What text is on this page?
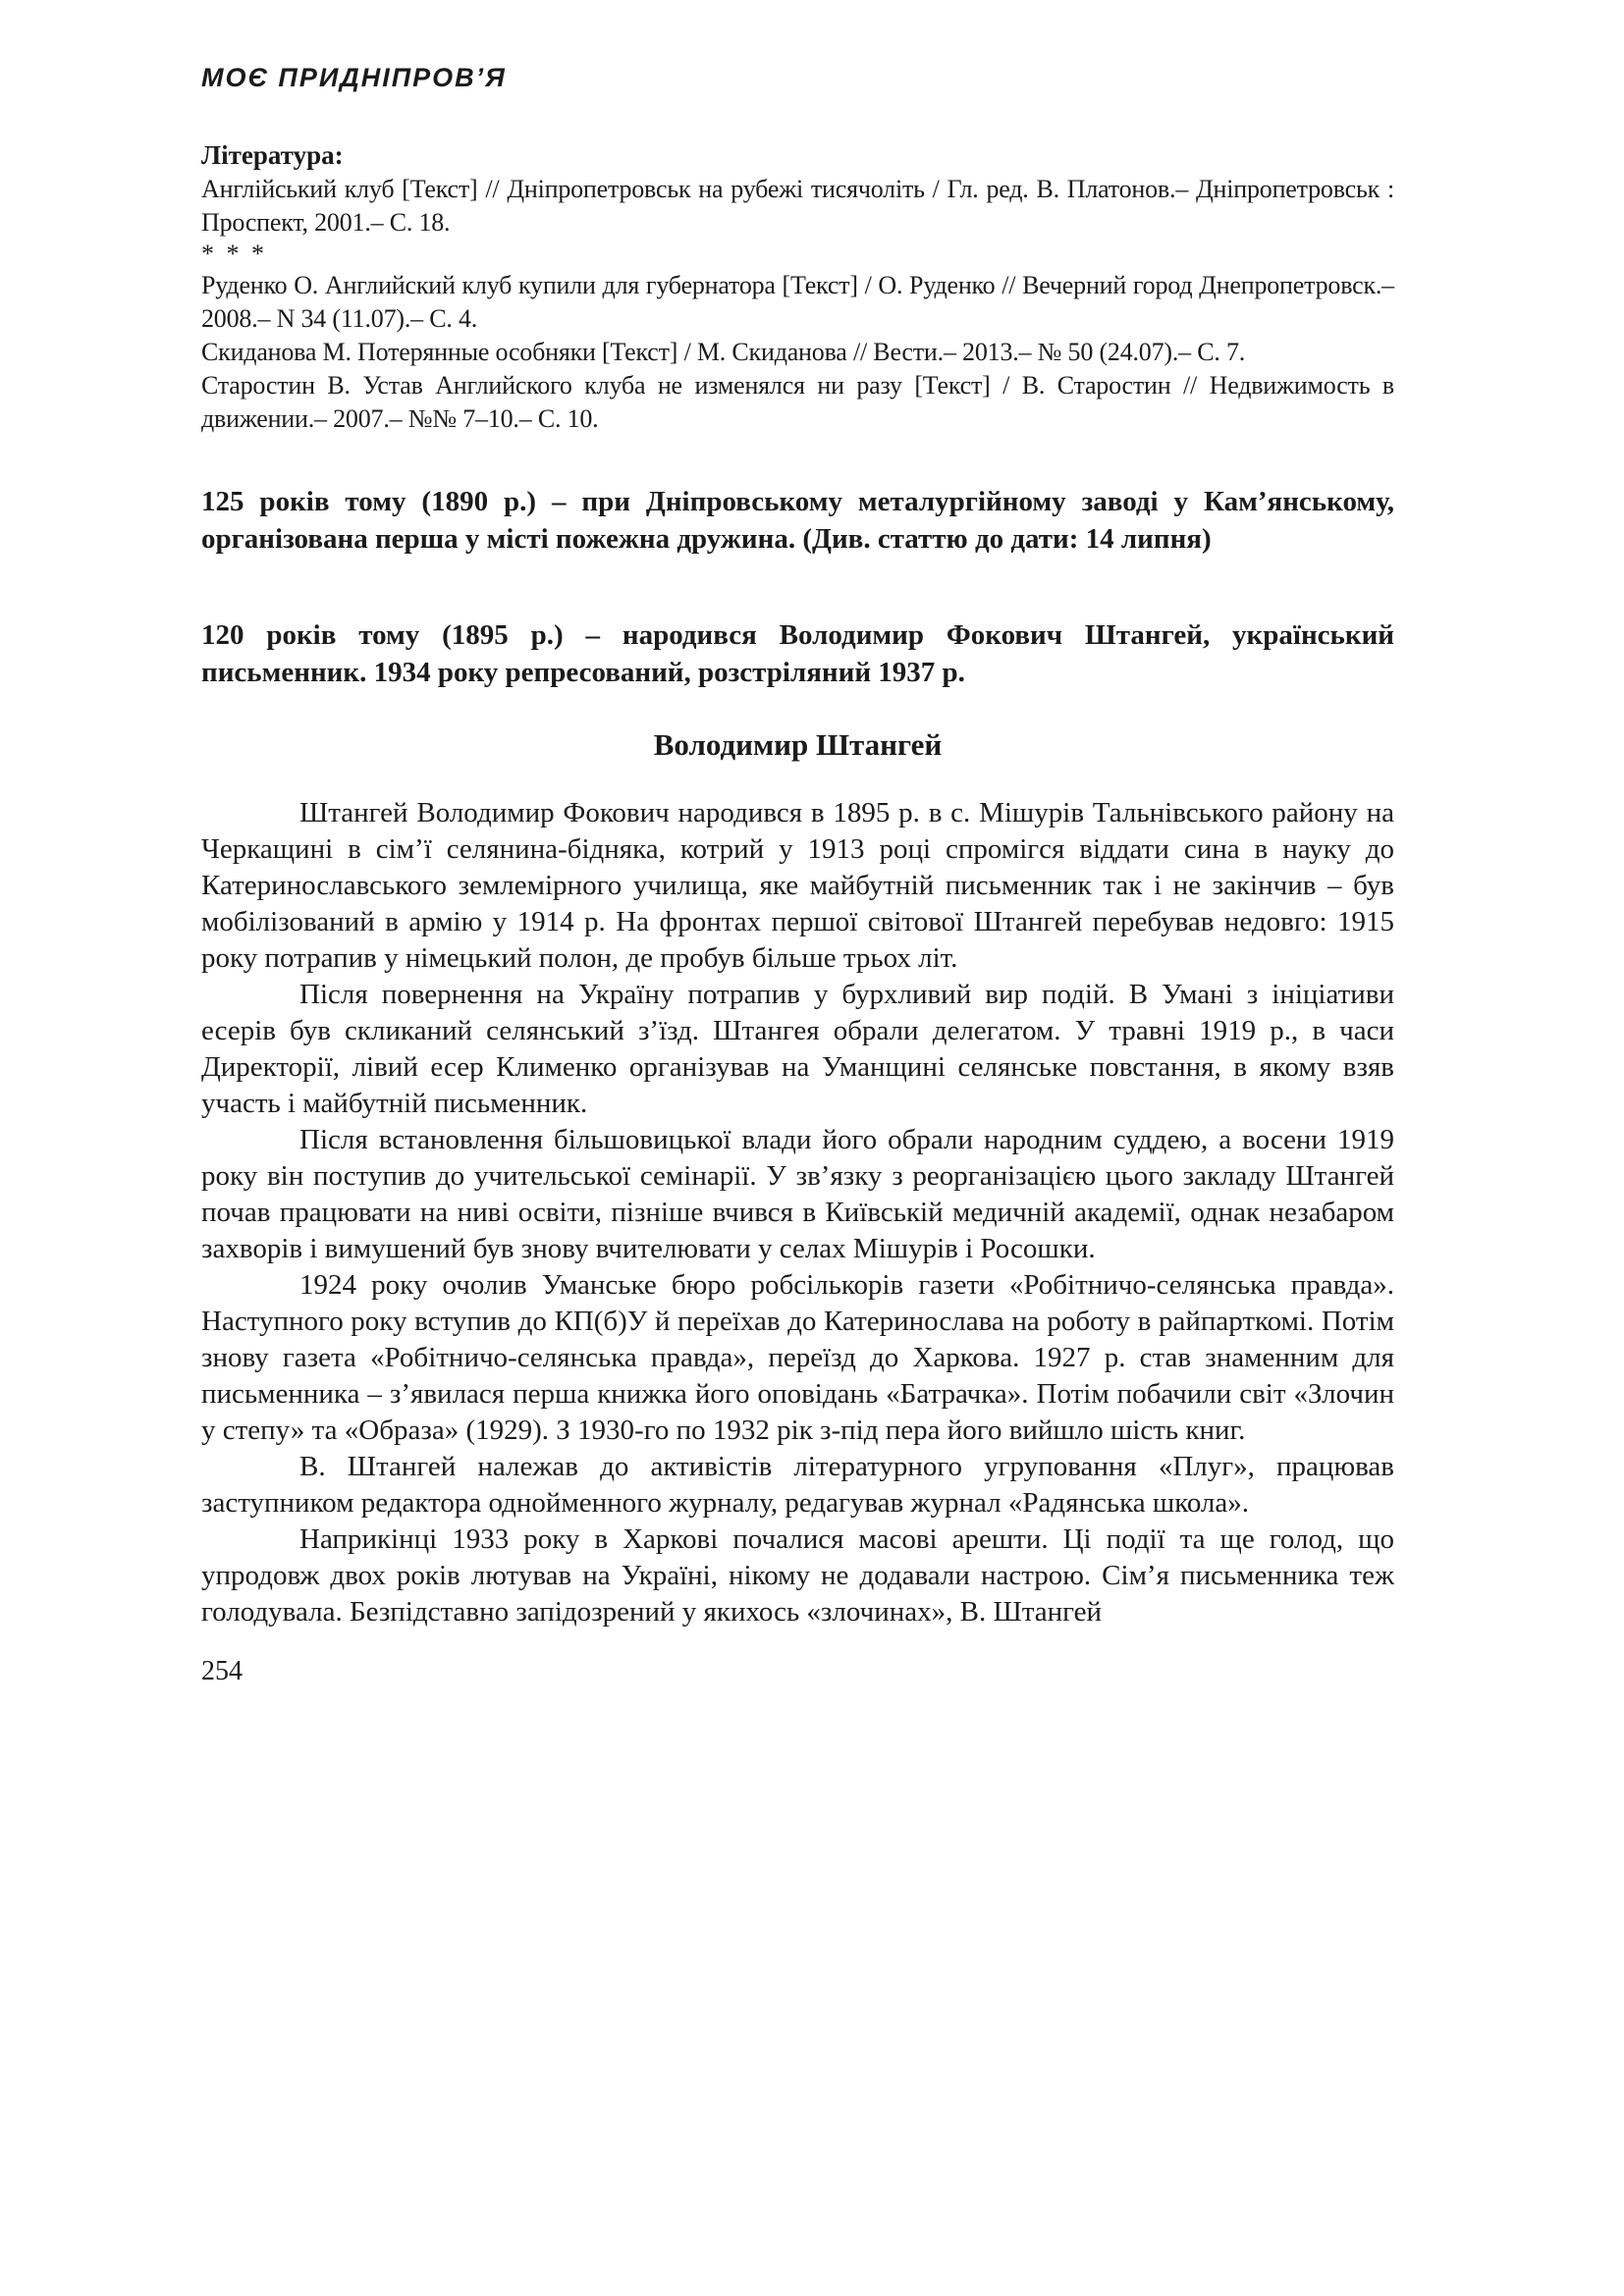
МОЄ ПРИДНІПРОВ’Я

Література:

Англійський клуб [Текст] // Дніпропетровськ на рубежі тисячоліть / Гл. ред. В. Платонов.– Дніпропетровськ : Проспект, 2001.– С. 18.

* * *

Руденко О. Английский клуб купили для губернатора [Текст] / О. Руденко // Вечерний город Днепропетровск.– 2008.– N 34 (11.07).– С. 4.

Скиданова М. Потерянные особняки [Текст] / М. Скиданова // Вести.– 2013.– № 50 (24.07).– С. 7.

Старостин В. Устав Английского клуба не изменялся ни разу [Текст] / В. Старостин // Недвижимость в движении.– 2007.– №№ 7–10.– С. 10.

125 років тому (1890 р.) – при Дніпровському металургійному заводі у Кам’янському, організована перша у місті пожежна дружина. (Див. статтю до дати: 14 липня)

120 років тому (1895 р.) – народився Володимир Фокович Штангей, український письменник. 1934 року репресований, розстріляний 1937 р.

Володимир Штангей

Штангей Володимир Фокович народився в 1895 р. в с. Мішурів Тальнівського району на Черкащині в сім’ї селянина-бідняка, котрий у 1913 році спромігся віддати сина в науку до Катеринославського землемірного училища, яке майбутній письменник так і не закінчив – був мобілізований в армію у 1914 р. На фронтах першої світової Штангей перебував недовго: 1915 року потрапив у німецький полон, де пробув більше трьох літ.

Після повернення на Україну потрапив у бурхливий вир подій. В Умані з ініціативи есерів був скликаний селянський з’їзд. Штангея обрали делегатом. У травні 1919 р., в часи Директорії, лівий есер Клименко організував на Уманщині селянське повстання, в якому взяв участь і майбутній письменник.

Після встановлення більшовицької влади його обрали народним суддею, а восени 1919 року він поступив до учительської семінарії. У зв’язку з реорганізацією цього закладу Штангей почав працювати на ниві освіти, пізніше вчився в Київській медичній академії, однак незабаром захворів і вимушений був знову вчителювати у селах Мішурів і Росошки.

1924 року очолив Уманське бюро робсількорів газети «Робітничо-селянська правда». Наступного року вступив до КП(б)У й переїхав до Катеринослава на роботу в райпарткомі. Потім знову газета «Робітничо-селянська правда», переїзд до Харкова. 1927 р. став знаменним для письменника – з’явилася перша книжка його оповідань «Батрачка». Потім побачили світ «Злочин у степу» та «Образа» (1929). З 1930-го по 1932 рік з-під пера його вийшло шість книг.

В. Штангей належав до активістів літературного угруповання «Плуг», працював заступником редактора однойменного журналу, редагував журнал «Радянська школа».

Наприкінці 1933 року в Харкові почалися масові арешти. Ці події та ще голод, що упродовж двох років лютував на Україні, нікому не додавали настрою. Сім’я письменника теж голодувала. Безпідставно запідозрений у якихось «злочинах», В. Штангей

254
